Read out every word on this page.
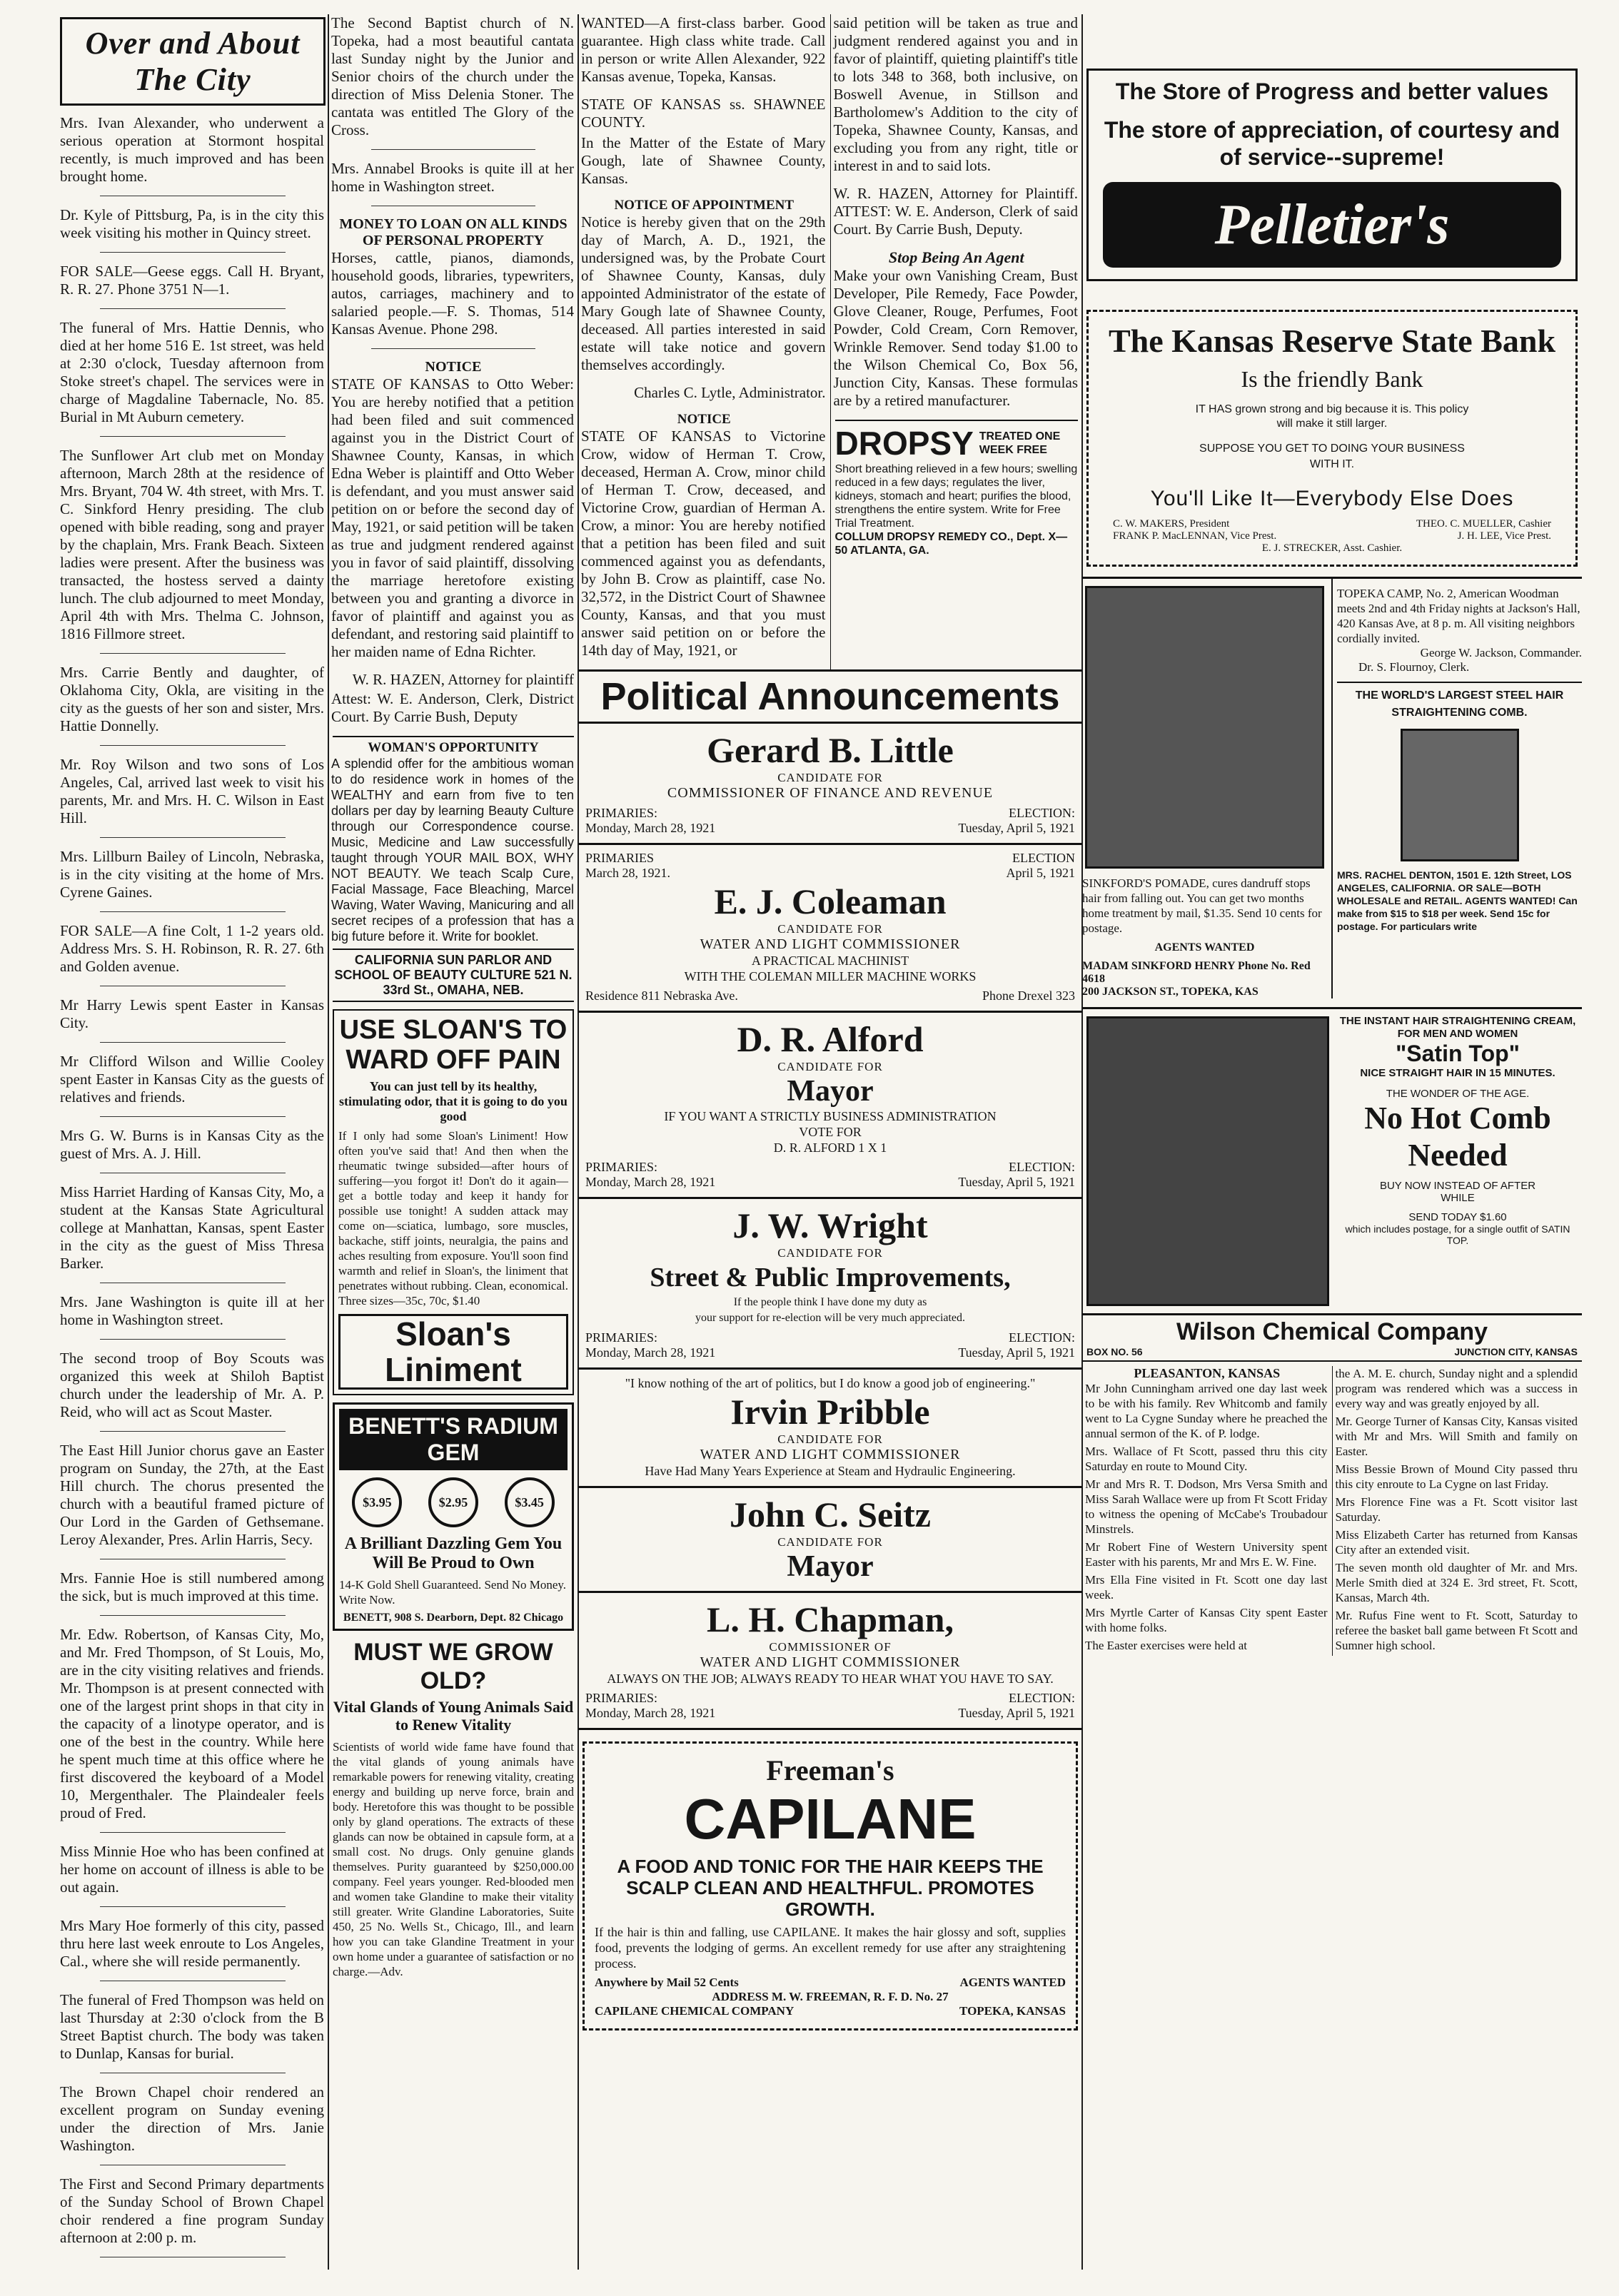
Over and About The City
Mrs. Ivan Alexander, who underwent a serious operation at Stormont hospital recently, is much improved and has been brought home.
Dr. Kyle of Pittsburg, Pa, is in the city this week visiting his mother in Quincy street.
FOR SALE—Geese eggs. Call H. Bryant, R. R. 27. Phone 3751 N—1.
The funeral of Mrs. Hattie Dennis, who died at her home 516 E. 1st street, was held at 2:30 o'clock, Tuesday afternoon from Stoke street's chapel. The services were in charge of Magdaline Tabernacle, No. 85. Burial in Mt Auburn cemetery.
The Sunflower Art club met on Monday afternoon, March 28th at the residence of Mrs. Bryant, 704 W. 4th street, with Mrs. T. C. Sinkford Henry presiding. The club opened with bible reading, song and prayer by the chaplain, Mrs. Frank Beach. Sixteen ladies were present. After the business was transacted, the hostess served a dainty lunch. The club adjourned to meet Monday, April 4th with Mrs. Thelma C. Johnson, 1816 Fillmore street.
Mrs. Carrie Bently and daughter, of Oklahoma City, Okla, are visiting in the city as the guests of her son and sister, Mrs. Hattie Donnelly.
Mr. Roy Wilson and two sons of Los Angeles, Cal, arrived last week to visit his parents, Mr. and Mrs. H. C. Wilson in East Hill.
Mrs. Lillburn Bailey of Lincoln, Nebraska, is in the city visiting at the home of Mrs. Cyrene Gaines.
FOR SALE—A fine Colt, 1 1-2 years old. Address Mrs. S. H. Robinson, R. R. 27. 6th and Golden avenue.
Mr Harry Lewis spent Easter in Kansas City.
Mr Clifford Wilson and Willie Cooley spent Easter in Kansas City as the guests of relatives and friends.
Mrs G. W. Burns is in Kansas City as the guest of Mrs. A. J. Hill.
Miss Harriet Harding of Kansas City, Mo, a student at the Kansas State Agricultural college at Manhattan, Kansas, spent Easter in the city as the guest of Miss Thresa Barker.
Mrs. Jane Washington is quite ill at her home in Washington street.
The second troop of Boy Scouts was organized this week at Shiloh Baptist church under the leadership of Mr. A. P. Reid, who will act as Scout Master.
The East Hill Junior chorus gave an Easter program on Sunday, the 27th, at the East Hill church. The chorus presented the church with a beautiful framed picture of Our Lord in the Garden of Gethsemane. Leroy Alexander, Pres. Arlin Harris, Secy.
Mrs. Fannie Hoe is still numbered among the sick, but is much improved at this time.
Mr. Edw. Robertson, of Kansas City, Mo, and Mr. Fred Thompson, of St Louis, Mo, are in the city visiting relatives and friends. Mr. Thompson is at present connected with one of the largest print shops in that city in the capacity of a linotype operator, and is one of the best in the country. While here he spent much time at this office where he first discovered the keyboard of a Model 10, Mergenthaler. The Plaindealer feels proud of Fred.
Miss Minnie Hoe who has been confined at her home on account of illness is able to be out again.
Mrs Mary Hoe formerly of this city, passed thru here last week enroute to Los Angeles, Cal., where she will reside permanently.
The funeral of Fred Thompson was held on last Thursday at 2:30 o'clock from the B Street Baptist church. The body was taken to Dunlap, Kansas for burial.
The Brown Chapel choir rendered an excellent program on Sunday evening under the direction of Mrs. Janie Washington.
The First and Second Primary departments of the Sunday School of Brown Chapel choir rendered a fine program Sunday afternoon at 2:00 p. m.
The Second Baptist church of N. Topeka, had a most beautiful cantata last Sunday night by the Junior and Senior choirs of the church under the direction of Miss Delenia Stoner. The cantata was entitled The Glory of the Cross.
Mrs. Annabel Brooks is quite ill at her home in Washington street.
MONEY TO LOAN ON ALL KINDS OF PERSONAL PROPERTY
Horses, cattle, pianos, diamonds, household goods, libraries, typewriters, autos, carriages, machinery and to salaried people.—F. S. Thomas, 514 Kansas Avenue. Phone 298.
NOTICE
STATE OF KANSAS to Otto Weber: You are hereby notified that a petition had been filed and suit commenced against you in the District Court of Shawnee County, Kansas, in which Edna Weber is plaintiff and Otto Weber is defendant, and you must answer said petition on or before the second day of May, 1921, or said petition will be taken as true and judgment rendered against you in favor of said plaintiff, dissolving the marriage heretofore existing between you and granting a divorce in favor of plaintiff and against you as defendant, and restoring said plaintiff to her maiden name of Edna Richter.
W. R. HAZEN, Attorney for plaintiff
Attest: W. E. Anderson, Clerk, District Court. By Carrie Bush, Deputy
WOMAN'S OPPORTUNITY
A splendid offer for the ambitious woman to do residence work in homes of the WEALTHY and earn from five to ten dollars per day by learning Beauty Culture through our Correspondence course. Music, Medicine and Law successfully taught through YOUR MAIL BOX, WHY NOT BEAUTY. We teach Scalp Cure, Facial Massage, Face Bleaching, Marcel Waving, Water Waving, Manicuring and all secret recipes of a profession that has a big future before it. Write for booklet.
CALIFORNIA SUN PARLOR AND SCHOOL OF BEAUTY CULTURE 521 N. 33rd St., OMAHA, NEB.
USE SLOAN'S TO WARD OFF PAIN
You can just tell by its healthy, stimulating odor, that it is going to do you good
If I only had some Sloan's Liniment! How often you've said that! And then when the rheumatic twinge subsided—after hours of suffering—you forgot it! Don't do it again—get a bottle today and keep it handy for possible use tonight! A sudden attack may come on—sciatica, lumbago, sore muscles, backache, stiff joints, neuralgia, the pains and aches resulting from exposure. You'll soon find warmth and relief in Sloan's, the liniment that penetrates without rubbing. Clean, economical. Three sizes—35c, 70c, $1.40
Sloan's Liniment
BENETT'S RADIUM GEM
$3.95	$2.95	$3.45
A Brilliant Dazzling Gem You Will Be Proud to Own
14-K Gold Shell Guaranteed. Send No Money. Write Now.
BENETT, 908 S. Dearborn, Dept. 82 Chicago
MUST WE GROW OLD?
Vital Glands of Young Animals Said to Renew Vitality
Scientists of world wide fame have found that the vital glands of young animals have remarkable powers for renewing vitality, creating energy and building up nerve force, brain and body. Heretofore this was thought to be possible only by gland operations. The extracts of these glands can now be obtained in capsule form, at a small cost. No drugs. Only genuine glands themselves. Purity guaranteed by $250,000.00 company. Feel years younger. Red-blooded men and women take Glandine to make their vitality still greater. Write Glandine Laboratories, Suite 450, 25 No. Wells St., Chicago, Ill., and learn how you can take Glandine Treatment in your own home under a guarantee of satisfaction or no charge.—Adv.
WANTED—A first-class barber. Good guarantee. High class white trade. Call in person or write Allen Alexander, 922 Kansas avenue, Topeka, Kansas.
STATE OF KANSAS ss. SHAWNEE COUNTY.
In the Matter of the Estate of Mary Gough, late of Shawnee County, Kansas.
NOTICE OF APPOINTMENT
Notice is hereby given that on the 29th day of March, A. D., 1921, the undersigned was, by the Probate Court of Shawnee County, Kansas, duly appointed Administrator of the estate of Mary Gough late of Shawnee County, deceased. All parties interested in said estate will take notice and govern themselves accordingly.
Charles C. Lytle, Administrator.
NOTICE
STATE OF KANSAS to Victorine Crow, widow of Herman T. Crow, deceased, Herman A. Crow, minor child of Herman T. Crow, deceased, and Victorine Crow, guardian of Herman A. Crow, a minor: You are hereby notified that a petition has been filed and suit commenced against you as defendants, by John B. Crow as plaintiff, case No. 32,572, in the District Court of Shawnee County, Kansas, and that you must answer said petition on or before the 14th day of May, 1921, or
said petition will be taken as true and judgment rendered against you and in favor of plaintiff, quieting plaintiff's title to lots 348 to 368, both inclusive, on Boswell Avenue, in Stillson and Bartholomew's Addition to the city of Topeka, Shawnee County, Kansas, and excluding you from any right, title or interest in and to said lots.
W. R. HAZEN, Attorney for Plaintiff. ATTEST: W. E. Anderson, Clerk of said Court. By Carrie Bush, Deputy.
Stop Being An Agent
Make your own Vanishing Cream, Bust Developer, Pile Remedy, Face Powder, Glove Cleaner, Rouge, Perfumes, Foot Powder, Cold Cream, Corn Remover, Wrinkle Remover. Send today $1.00 to the Wilson Chemical Co, Box 56, Junction City, Kansas. These formulas are by a retired manufacturer.
DROPSY TREATED ONE WEEK FREE
Short breathing relieved in a few hours; swelling reduced in a few days; regulates the liver, kidneys, stomach and heart; purifies the blood, strengthens the entire system. Write for Free Trial Treatment.
COLLUM DROPSY REMEDY CO., Dept. X—50 ATLANTA, GA.
Political Announcements
Gerard B. Little
CANDIDATE FOR
COMMISSIONER OF FINANCE AND REVENUE
PRIMARIES:	ELECTION:
Monday, March 28, 1921	Tuesday, April 5, 1921
PRIMARIES	ELECTION
March 28, 1921.	April 5, 1921
E. J. Coleaman
CANDIDATE FOR
WATER AND LIGHT COMMISSIONER
A PRACTICAL MACHINIST
WITH THE COLEMAN MILLER MACHINE WORKS
Residence 811 Nebraska Ave.	Phone Drexel 323
D. R. Alford
CANDIDATE FOR
Mayor
IF YOU WANT A STRICTLY BUSINESS ADMINISTRATION
VOTE FOR
D. R. ALFORD 1 X 1
PRIMARIES:	ELECTION:
Monday, March 28, 1921	Tuesday, April 5, 1921
J. W. Wright
CANDIDATE FOR
Street & Public Improvements,
If the people think I have done my duty as
your support for re-election will be very much appreciated.
PRIMARIES:	ELECTION:
Monday, March 28, 1921	Tuesday, April 5, 1921
"I know nothing of the art of politics, but I do know a good job of engineering."
Irvin Pribble
CANDIDATE FOR
WATER AND LIGHT COMMISSIONER
Have Had Many Years Experience at Steam and Hydraulic Engineering.
John C. Seitz
CANDIDATE FOR
Mayor
L. H. Chapman,
COMMISSIONER OF
WATER AND LIGHT COMMISSIONER
ALWAYS ON THE JOB; ALWAYS READY TO HEAR WHAT YOU HAVE TO SAY.
PRIMARIES:	ELECTION:
Monday, March 28, 1921	Tuesday, April 5, 1921
Freeman's
CAPILANE
A FOOD AND TONIC FOR THE HAIR KEEPS THE SCALP CLEAN AND HEALTHFUL. PROMOTES GROWTH.
If the hair is thin and falling, use CAPILANE. It makes the hair glossy and soft, supplies food, prevents the lodging of germs. An excellent remedy for use after any straightening process.
Anywhere by Mail 52 Cents	AGENTS WANTED
ADDRESS M. W. FREEMAN, R. F. D. No. 27
CAPILANE CHEMICAL COMPANY	TOPEKA, KANSAS
The Store of Progress and better values
The store of appreciation, of courtesy and of service--supreme!
Pelletier's
The Kansas Reserve State Bank
Is the friendly Bank
IT HAS grown strong and big because it is. This policy will make it still larger.
SUPPOSE YOU GET TO DOING YOUR BUSINESS WITH IT.
You'll Like It—Everybody Else Does
C. W. MAKERS, President	THEO. C. MUELLER, Cashier
FRANK P. MacLENNAN, Vice Prest.	J. H. LEE, Vice Prest.
E. J. STRECKER, Asst. Cashier.
SINKFORD'S POMADE, cures dandruff stops hair from falling out. You can get two months home treatment by mail, $1.35. Send 10 cents for postage.
AGENTS WANTED
MADAM SINKFORD HENRY Phone No. Red 4618
200 JACKSON ST., TOPEKA, KAS
TOPEKA CAMP, No. 2, American Woodman meets 2nd and 4th Friday nights at Jackson's Hall, 420 Kansas Ave, at 8 p. m. All visiting neighbors cordially invited.
George W. Jackson, Commander.
Dr. S. Flournoy, Clerk.
THE WORLD'S LARGEST STEEL HAIR STRAIGHTENING COMB.
MRS. RACHEL DENTON, 1501 E. 12th Street, LOS ANGELES, CALIFORNIA. OR SALE—BOTH WHOLESALE and RETAIL. AGENTS WANTED! Can make from $15 to $18 per week. Send 15c for postage. For particulars write
THE INSTANT HAIR STRAIGHTENING CREAM, FOR MEN AND WOMEN
"Satin Top"
NICE STRAIGHT HAIR IN 15 MINUTES.
THE WONDER OF THE AGE.
No Hot Comb Needed
BUY NOW INSTEAD OF AFTER WHILE
SEND TODAY $1.60
which includes postage, for a single outfit of SATIN TOP.
Wilson Chemical Company
BOX NO. 56	JUNCTION CITY, KANSAS
PLEASANTON, KANSAS
Mr John Cunningham arrived one day last week to be with his family. Rev Whitcomb and family went to La Cygne Sunday where he preached the annual sermon of the K. of P. lodge.
Mrs. Wallace of Ft Scott, passed thru this city Saturday en route to Mound City.
Mr and Mrs R. T. Dodson, Mrs Versa Smith and Miss Sarah Wallace were up from Ft Scott Friday to witness the opening of McCabe's Troubadour Minstrels.
Mr Robert Fine of Western University spent Easter with his parents, Mr and Mrs E. W. Fine.
Mrs Ella Fine visited in Ft. Scott one day last week.
Mrs Myrtle Carter of Kansas City spent Easter with home folks.
The Easter exercises were held at
the A. M. E. church, Sunday night and a splendid program was rendered which was a success in every way and was greatly enjoyed by all.
Mr. George Turner of Kansas City, Kansas visited with Mr and Mrs. Will Smith and family on Easter.
Miss Bessie Brown of Mound City passed thru this city enroute to La Cygne on last Friday.
Mrs Florence Fine was a Ft. Scott visitor last Saturday.
Miss Elizabeth Carter has returned from Kansas City after an extended visit.
The seven month old daughter of Mr. and Mrs. Merle Smith died at 324 E. 3rd street, Ft. Scott, Kansas, March 4th.
Mr. Rufus Fine went to Ft. Scott, Saturday to referee the basket ball game between Ft Scott and Sumner high school.
